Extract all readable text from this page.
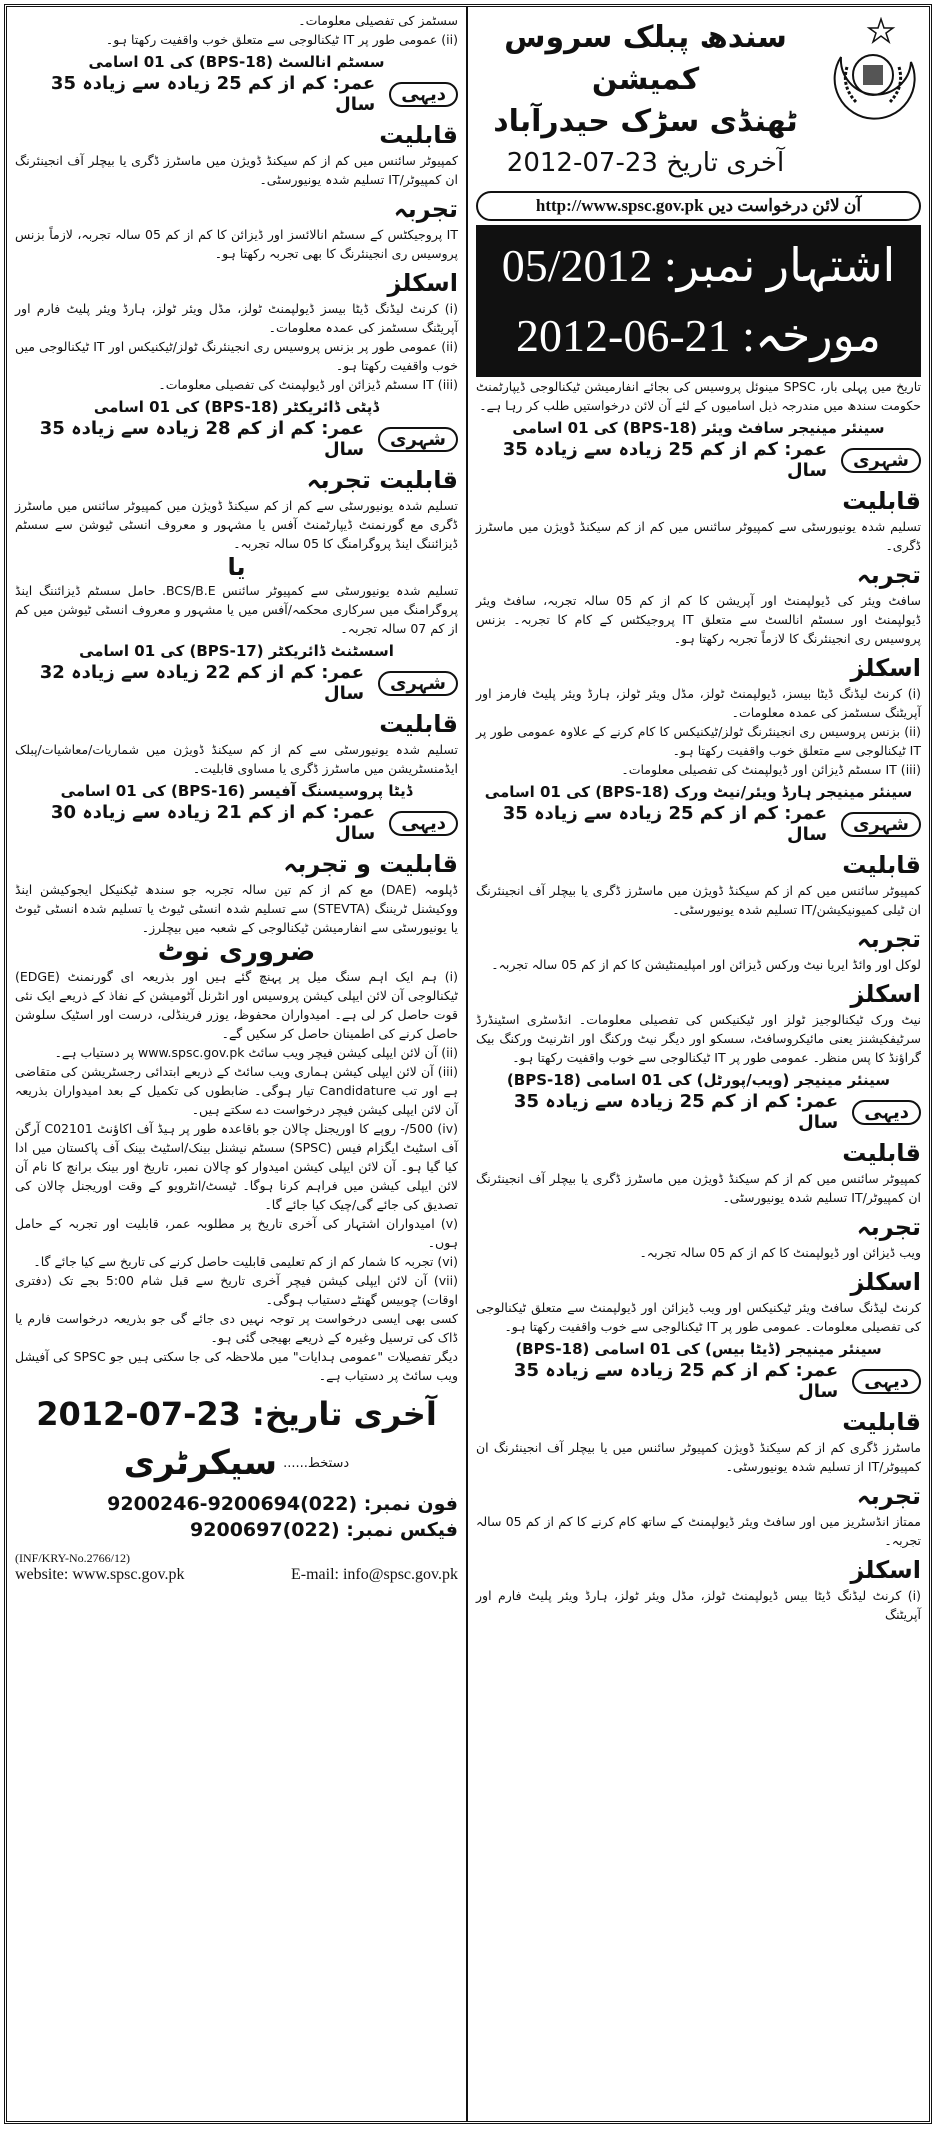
سندھ پبلک سروس کمیشن
ٹھنڈی سڑک حیدرآباد
آخری تاریخ 23-07-2012
آن لائن درخواست دیں http://www.spsc.gov.pk
اشتہار نمبر: 05/2012
مورخہ: 21-06-2012
تاریخ میں پہلی بار، SPSC مینوئل پروسیس کی بجائے انفارمیشن ٹیکنالوجی ڈیپارٹمنٹ حکومت سندھ میں مندرجہ ذیل اسامیوں کے لئے آن لائن درخواستیں طلب کر رہا ہے۔
سینئر مینیجر سافٹ ویئر (BPS-18) کی 01 اسامی
شہری
عمر: کم از کم 25 زیادہ سے زیادہ 35 سال
قابلیت
تسلیم شدہ یونیورسٹی سے کمپیوٹر سائنس میں کم از کم سیکنڈ ڈویژن میں ماسٹرز ڈگری۔
تجربہ
سافٹ ویئر کی ڈیولپمنٹ اور آپریشن کا کم از کم 05 سالہ تجربہ، سافٹ ویئر ڈیولپمنٹ اور سسٹم انالسٹ سے متعلق IT پروجیکٹس کے کام کا تجربہ۔ بزنس پروسیس ری انجینئرنگ کا لازماً تجربہ رکھتا ہو۔
اسکلز
(i) کرنٹ لیڈنگ ڈیٹا بیسز، ڈیولپمنٹ ٹولز، مڈل ویئر ٹولز، ہارڈ ویئر پلیٹ فارمز اور آپریٹنگ سسٹمز کی عمدہ معلومات۔
(ii) بزنس پروسیس ری انجینئرنگ ٹولز/ٹیکنیکس کا کام کرنے کے علاوہ عمومی طور پر IT ٹیکنالوجی سے متعلق خوب واقفیت رکھتا ہو۔
(iii) IT سسٹم ڈیزائن اور ڈیولپمنٹ کی تفصیلی معلومات۔
سینئر مینیجر ہارڈ ویئر/نیٹ ورک (BPS-18) کی 01 اسامی
شہری
عمر: کم از کم 25 زیادہ سے زیادہ 35 سال
قابلیت
کمپیوٹر سائنس میں کم از کم سیکنڈ ڈویژن میں ماسٹرز ڈگری یا بیچلر آف انجینئرنگ ان ٹیلی کمیونیکیشن/IT تسلیم شدہ یونیورسٹی۔
تجربہ
لوکل اور وائڈ ایریا نیٹ ورکس ڈیزائن اور امپلیمنٹیشن کا کم از کم 05 سالہ تجربہ۔
اسکلز
نیٹ ورک ٹیکنالوجیز ٹولز اور ٹیکنیکس کی تفصیلی معلومات۔ انڈسٹری اسٹینڈرڈ سرٹیفکیشنز یعنی مائیکروسافٹ، سسکو اور دیگر نیٹ ورکنگ اور انٹرنیٹ ورکنگ بیک گراؤنڈ کا پس منظر۔ عمومی طور پر IT ٹیکنالوجی سے خوب واقفیت رکھتا ہو۔
سینئر مینیجر (ویب/پورٹل) کی 01 اسامی (BPS-18)
دیہی
عمر: کم از کم 25 زیادہ سے زیادہ 35 سال
قابلیت
کمپیوٹر سائنس میں کم از کم سیکنڈ ڈویژن میں ماسٹرز ڈگری یا بیچلر آف انجینئرنگ ان کمپیوٹر/IT تسلیم شدہ یونیورسٹی۔
تجربہ
ویب ڈیزائن اور ڈیولپمنٹ کا کم از کم 05 سالہ تجربہ۔
اسکلز
کرنٹ لیڈنگ سافٹ ویئر ٹیکنیکس اور ویب ڈیزائن اور ڈیولپمنٹ سے متعلق ٹیکنالوجی کی تفصیلی معلومات۔ عمومی طور پر IT ٹیکنالوجی سے خوب واقفیت رکھتا ہو۔
سینئر مینیجر (ڈیٹا بیس) کی 01 اسامی (BPS-18)
دیہی
عمر: کم از کم 25 زیادہ سے زیادہ 35 سال
قابلیت
ماسٹرز ڈگری کم از کم سیکنڈ ڈویژن کمپیوٹر سائنس میں یا بیچلر آف انجینئرنگ ان کمپیوٹر/IT از تسلیم شدہ یونیورسٹی۔
تجربہ
ممتاز انڈسٹریز میں اور سافٹ ویئر ڈیولپمنٹ کے ساتھ کام کرنے کا کم از کم 05 سالہ تجربہ۔
اسکلز
(i) کرنٹ لیڈنگ ڈیٹا بیس ڈیولپمنٹ ٹولز، مڈل ویئر ٹولز، ہارڈ ویئر پلیٹ فارم اور آپریٹنگ
سسٹمز کی تفصیلی معلومات۔
(ii) عمومی طور پر IT ٹیکنالوجی سے متعلق خوب واقفیت رکھتا ہو۔
سسٹم انالسٹ (BPS-18) کی 01 اسامی
دیہی
عمر: کم از کم 25 زیادہ سے زیادہ 35 سال
قابلیت
کمپیوٹر سائنس میں کم از کم سیکنڈ ڈویژن میں ماسٹرز ڈگری یا بیچلر آف انجینئرنگ ان کمپیوٹر/IT تسلیم شدہ یونیورسٹی۔
تجربہ
IT پروجیکٹس کے سسٹم انالائسز اور ڈیزائن کا کم از کم 05 سالہ تجربہ، لازماً بزنس پروسیس ری انجینئرنگ کا بھی تجربہ رکھتا ہو۔
اسکلز
(i) کرنٹ لیڈنگ ڈیٹا بیسز ڈیولپمنٹ ٹولز، مڈل ویئر ٹولز، ہارڈ ویئر پلیٹ فارم اور آپریٹنگ سسٹمز کی عمدہ معلومات۔
(ii) عمومی طور پر بزنس پروسیس ری انجینئرنگ ٹولز/ٹیکنیکس اور IT ٹیکنالوجی میں خوب واقفیت رکھتا ہو۔
(iii) IT سسٹم ڈیزائن اور ڈیولپمنٹ کی تفصیلی معلومات۔
ڈپٹی ڈائریکٹر (BPS-18) کی 01 اسامی
شہری
عمر: کم از کم 28 زیادہ سے زیادہ 35 سال
قابلیت تجربہ
تسلیم شدہ یونیورسٹی سے کم از کم سیکنڈ ڈویژن میں کمپیوٹر سائنس میں ماسٹرز ڈگری مع گورنمنٹ ڈیپارٹمنٹ آفس یا مشہور و معروف انسٹی ٹیوشن سے سسٹم ڈیزائننگ اینڈ پروگرامنگ کا 05 سالہ تجربہ۔
یا
تسلیم شدہ یونیورسٹی سے کمپیوٹر سائنس BCS/B.E. حامل سسٹم ڈیزائننگ اینڈ پروگرامنگ میں سرکاری محکمہ/آفس میں یا مشہور و معروف انسٹی ٹیوشن میں کم از کم 07 سالہ تجربہ۔
اسسٹنٹ ڈائریکٹر (BPS-17) کی 01 اسامی
شہری
عمر: کم از کم 22 زیادہ سے زیادہ 32 سال
قابلیت
تسلیم شدہ یونیورسٹی سے کم از کم سیکنڈ ڈویژن میں شماریات/معاشیات/پبلک ایڈمنسٹریشن میں ماسٹرز ڈگری یا مساوی قابلیت۔
ڈیٹا پروسیسنگ آفیسر (BPS-16) کی 01 اسامی
دیہی
عمر: کم از کم 21 زیادہ سے زیادہ 30 سال
قابلیت و تجربہ
ڈپلومہ (DAE) مع کم از کم تین سالہ تجربہ جو سندھ ٹیکنیکل ایجوکیشن اینڈ ووکیشنل ٹریننگ (STEVTA) سے تسلیم شدہ انسٹی ٹیوٹ یا تسلیم شدہ انسٹی ٹیوٹ یا یونیورسٹی سے انفارمیشن ٹیکنالوجی کے شعبہ میں بیچلرز۔
ضروری نوٹ
(i) ہم ایک اہم سنگ میل پر پہنچ گئے ہیں اور بذریعہ ای گورنمنٹ (EDGE) ٹیکنالوجی آن لائن ایپلی کیشن پروسیس اور انٹرنل آٹومیشن کے نفاذ کے ذریعے ایک نئی قوت حاصل کر لی ہے۔ امیدواران محفوظ، یوزر فرینڈلی، درست اور اسٹیک سلوشن حاصل کرنے کی اطمینان حاصل کر سکیں گے۔
(ii) آن لائن ایپلی کیشن فیچر ویب سائٹ www.spsc.gov.pk پر دستیاب ہے۔
(iii) آن لائن ایپلی کیشن ہماری ویب سائٹ کے ذریعے ابتدائی رجسٹریشن کی متقاضی ہے اور تب Candidature تیار ہوگی۔ ضابطوں کی تکمیل کے بعد امیدواران بذریعہ آن لائن ایپلی کیشن فیچر درخواست دے سکتے ہیں۔
(iv) 500/- روپے کا اوریجنل چالان جو باقاعدہ طور پر ہیڈ آف اکاؤنٹ C02101 آرگن آف اسٹیٹ ایگزام فیس (SPSC) سسٹم نیشنل بینک/اسٹیٹ بینک آف پاکستان میں ادا کیا گیا ہو۔ آن لائن ایپلی کیشن امیدوار کو چالان نمبر، تاریخ اور بینک برانچ کا نام آن لائن ایپلی کیشن میں فراہم کرنا ہوگا۔ ٹیسٹ/انٹرویو کے وقت اوریجنل چالان کی تصدیق کی جائے گی/چیک کیا جائے گا۔
(v) امیدواران اشتہار کی آخری تاریخ پر مطلوبہ عمر، قابلیت اور تجربہ کے حامل ہوں۔
(vi) تجربہ کا شمار کم از کم تعلیمی قابلیت حاصل کرنے کی تاریخ سے کیا جائے گا۔
(vii) آن لائن ایپلی کیشن فیچر آخری تاریخ سے قبل شام 5:00 بجے تک (دفتری اوقات) چوبیس گھنٹے دستیاب ہوگی۔
کسی بھی ایسی درخواست پر توجہ نہیں دی جائے گی جو بذریعہ درخواست فارم یا ڈاک کی ترسیل وغیرہ کے ذریعے بھیجی گئی ہو۔
دیگر تفصیلات "عمومی ہدایات" میں ملاحظہ کی جا سکتی ہیں جو SPSC کی آفیشل ویب سائٹ پر دستیاب ہے۔
آخری تاریخ: 23-07-2012
دستخط......
سیکرٹری
فون نمبر: (022)9200694-9200246
فیکس نمبر: (022)9200697
(INF/KRY-No.2766/12)
website: www.spsc.gov.pk	E-mail: info@spsc.gov.pk
